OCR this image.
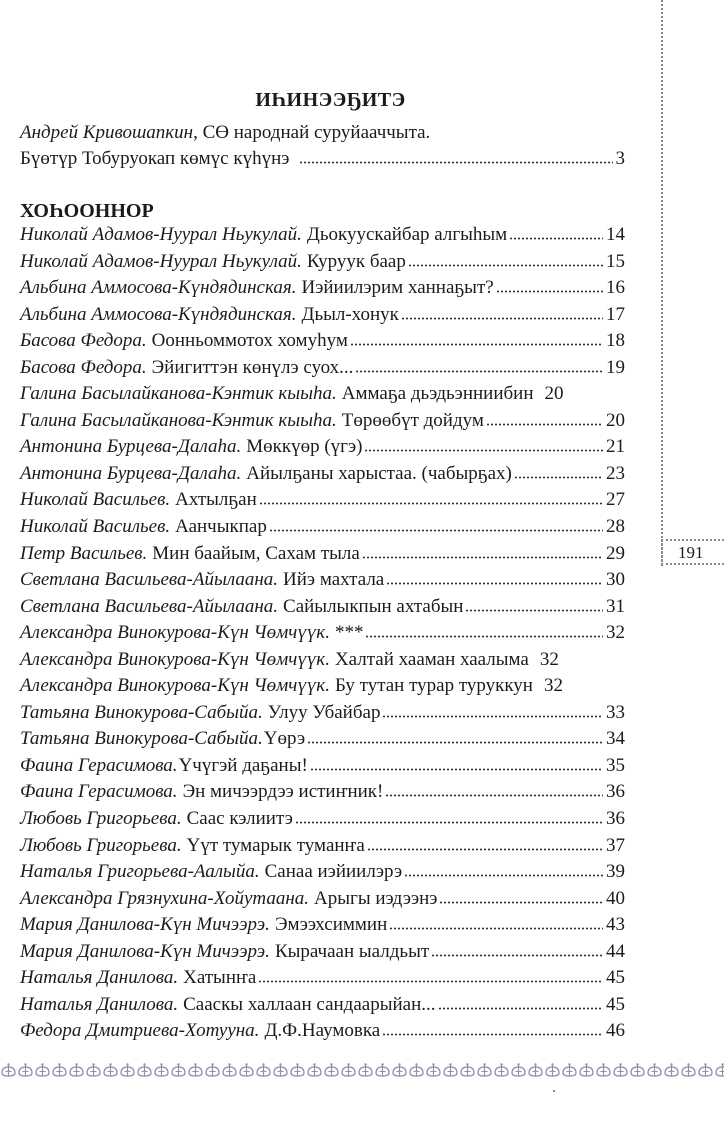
191
ИҺИНЭЭҔИТЭ
Андрей Кривошапкин, СӨ народнай суруйааччыта.
Бүөтүр Тобуруокап көмүс күһүнэ	3
ХОҺООННОР
Николай Адамов-Нуурал Ньукулай. Дьокуускайбар алгыһым	14
Николай Адамов-Нуурал Ньукулай. Куруук баар	15
Альбина Аммосова-Күндядинская. Иэйиилэрим ханнаҕыт?	16
Альбина Аммосова-Күндядинская. Дьыл-хонук	17
Басова Федора. Оонньоммотох хомуһум	18
Басова Федора. Эйигиттэн көнүлэ суох...	19
Галина Басылайканова-Кэнтик кыыһа. Аммаҕа дьэдьэнниибин 20
Галина Басылайканова-Кэнтик кыыһа. Төрөөбүт дойдум	20
Антонина Бурцева-Далаһа. Мөккүөр (үгэ)	21
Антонина Бурцева-Далаһа. Айылҕаны харыстаа. (чабырҕах)	23
Николай Васильев. Ахтылҕан	27
Николай Васильев. Аанчыкпар	28
Петр Васильев. Мин баайым, Сахам тыла	29
Светлана Васильева-Айылаана. Ийэ махтала	30
Светлана Васильева-Айылаана. Сайылыкпын ахтабын	31
Александра Винокурова-Күн Чөмчүүк. ***	32
Александра Винокурова-Күн Чөмчүүк. Халтай хааман хаалыма 32
Александра Винокурова-Күн Чөмчүүк. Бу тутан турар туруккун 32
Татьяна Винокурова-Сабыйа. Улуу Убайбар	33
Татьяна Винокурова-Сабыйа. Үөрэ	34
Фаина Герасимова. Үчүгэй даҕаны!	35
Фаина Герасимова. Эн мичээрдээ истиҥник!	36
Любовь Григорьева. Саас кэлиитэ	36
Любовь Григорьева. Үүт тумарык туманҥа	37
Наталья Григорьева-Аалыйа. Санаа иэйиилэрэ	39
Александра Грязнухина-Хойутаана. Арыгы иэдээнэ	40
Мария Данилова-Күн Мичээрэ. Эмээхсиммин	43
Мария Данилова-Күн Мичээрэ. Кырачаан ыалдьыт	44
Наталья Данилова. Хатынҥа	45
Наталья Данилова. Сааскы халлаан сандаарыйан...	45
Федора Дмитриева-Хотууна. Д.Ф.Наумовка	46
